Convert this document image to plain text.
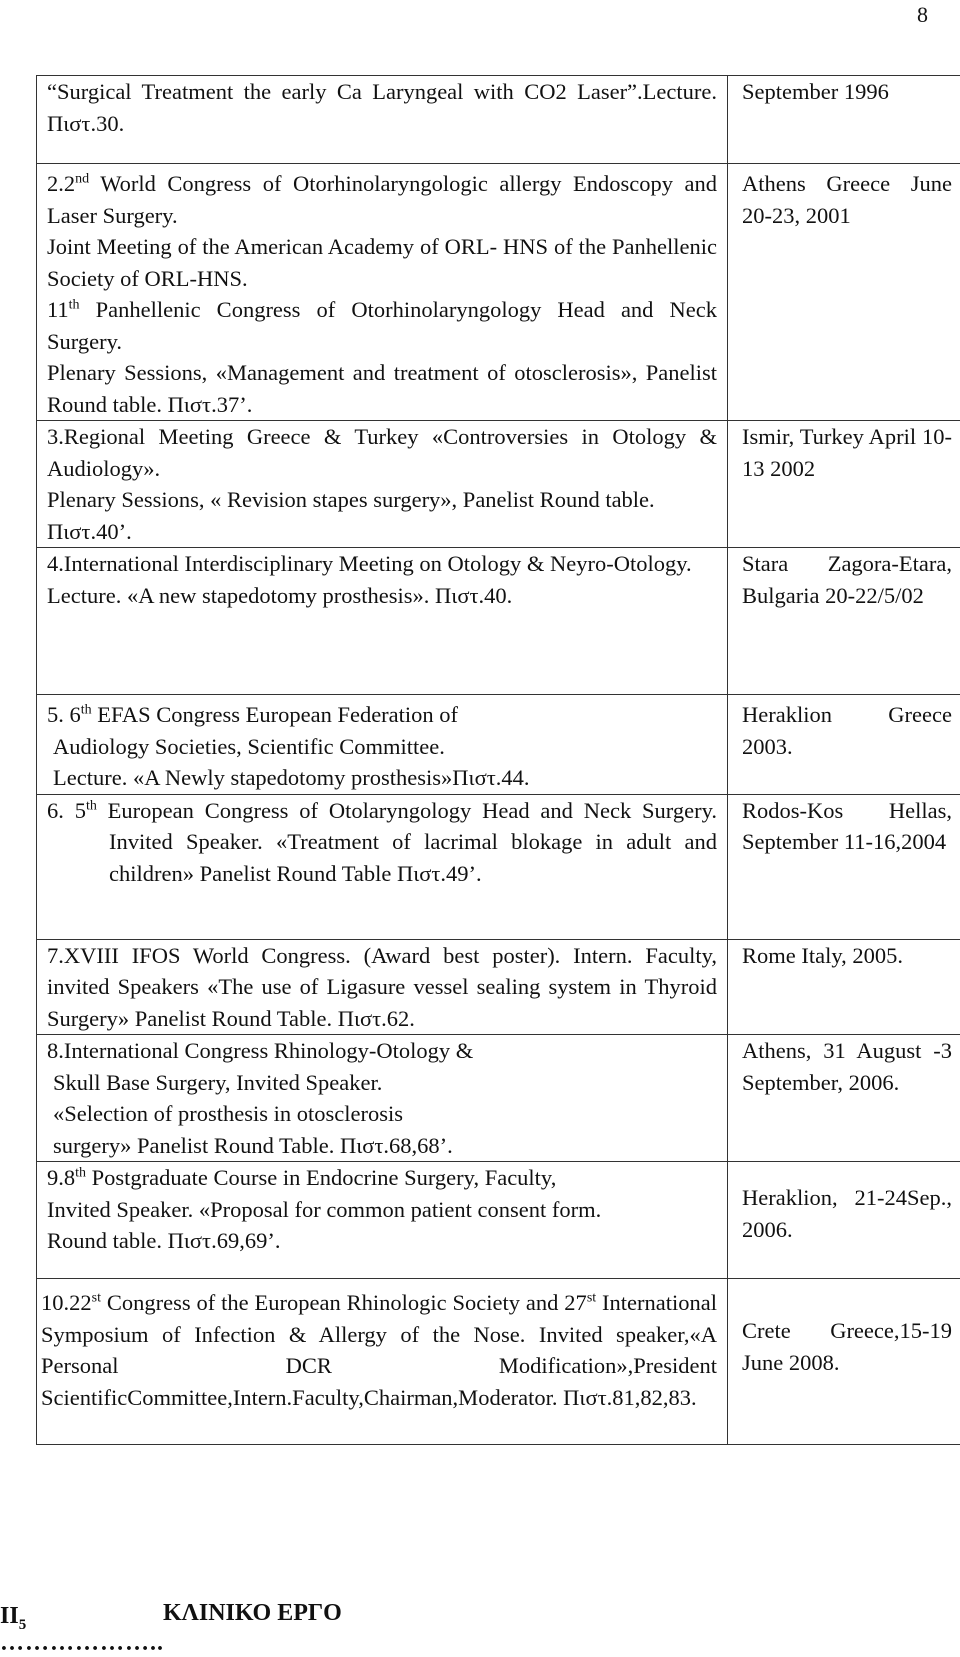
8

“Surgical Treatment the early Ca Laryngeal with CO2 Laser”.Lecture. Πιστ.30.	September 1996

2.2nd World Congress of Otorhinolaryngologic allergy Endoscopy and Laser Surgery.

Joint Meeting of the American Academy of ORL- HNS of the Panhellenic Society of ORL-HNS.

11th Panhellenic Congress of Otorhinolaryngology Head and Neck Surgery.

Plenary Sessions, «Management and treatment of otosclerosis», Panelist Round table. Πιστ.37’.	Athens Greece June 20-23, 2001

3.Regional Meeting Greece & Turkey «Controversies in Otology & Audiology».

Plenary Sessions, « Revision stapes surgery», Panelist Round table. Πιστ.40’.	Ismir, Turkey April 10-13 2002

4.International Interdisciplinary Meeting on Otology & Neyro-Otology.

Lecture. «A new stapedotomy prosthesis». Πιστ.40.	Stara Zagora-Etara, Bulgaria 20-22/5/02

5. 6th EFAS Congress European Federation of

Audiology Societies, Scientific Committee.

Lecture. «A Newly stapedotomy prosthesis»Πιστ.44.	Heraklion Greece 2003.

6. 5th European Congress of Otolaryngology Head and Neck Surgery. Invited Speaker. «Treatment of lacrimal blokage in adult and children» Panelist Round Table Πιστ.49’.	Rodos-Kos Hellas, September 11-16,2004

7.XVIII IFOS World Congress. (Award best poster). Intern. Faculty, invited Speakers «The use of Ligasure vessel sealing system in Thyroid Surgery» Panelist Round Table. Πιστ.62.	Rome Italy, 2005.

8.International Congress Rhinology-Otology &

Skull Base Surgery, Invited Speaker.

«Selection of prosthesis in otosclerosis

surgery» Panelist Round Table. Πιστ.68,68’.	Athens, 31 August -3 September, 2006.

9.8th Postgraduate Course in Endocrine Surgery, Faculty,

Invited Speaker. «Proposal for common patient consent form.

Round table. Πιστ.69,69’.	Heraklion, 21-24Sep., 2006.

10.22st Congress of the European Rhinologic Society and 27st International Symposium of Infection & Allergy of the Nose. Invited speaker,«A Personal DCR Modification»,President ScientificCommittee,Intern.Faculty,Chairman,Moderator. Πιστ.81,82,83.	Crete Greece,15-19 June 2008.

$II_5$	ΚΛΙΝΙΚΟ ΕΡΓΟ
………………..
